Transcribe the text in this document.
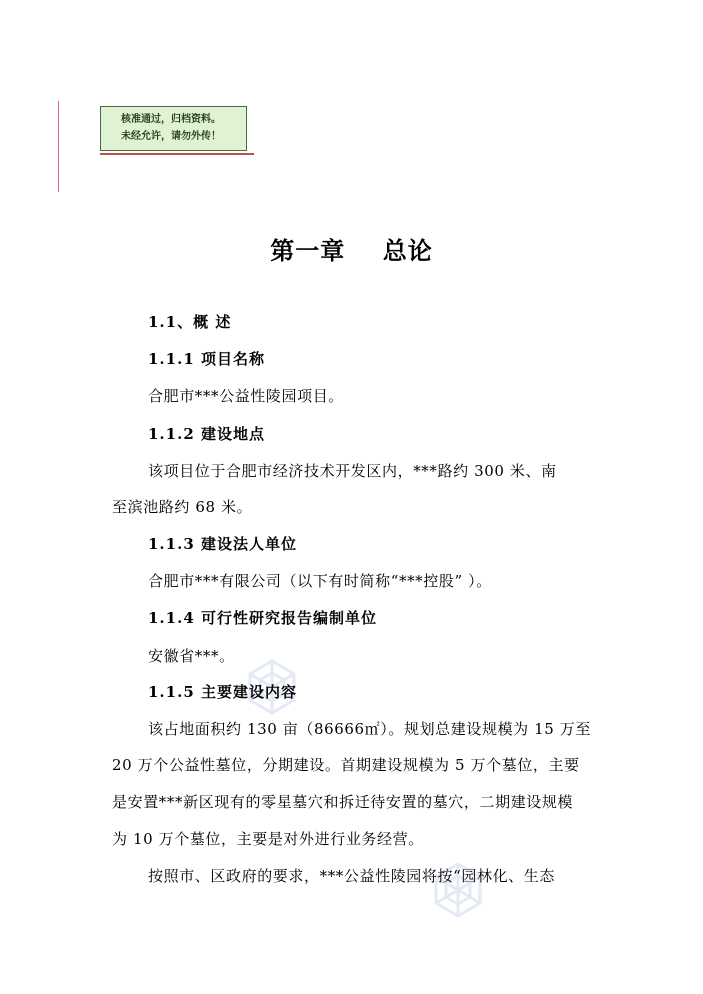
核准通过，归档资料。
未经允许，请勿外传！
第一章    总论
1.1、概 述
1.1.1 项目名称
合肥市***公益性陵园项目。
1.1.2 建设地点
该项目位于合肥市经济技术开发区内，***路约 300 米、南
至滨池路约 68 米。
1.1.3 建设法人单位
合肥市***有限公司（以下有时简称“***控股” ）。
1.1.4 可行性研究报告编制单位
安徽省***。
1.1.5 主要建设内容
该占地面积约 130 亩（86666㎡）。规划总建设规模为 15 万至
20 万个公益性墓位，分期建设。首期建设规模为 5 万个墓位，主要
是安置***新区现有的零星墓穴和拆迁待安置的墓穴，二期建设规模
为 10 万个墓位，主要是对外进行业务经营。
按照市、区政府的要求，***公益性陵园将按“园林化、生态
